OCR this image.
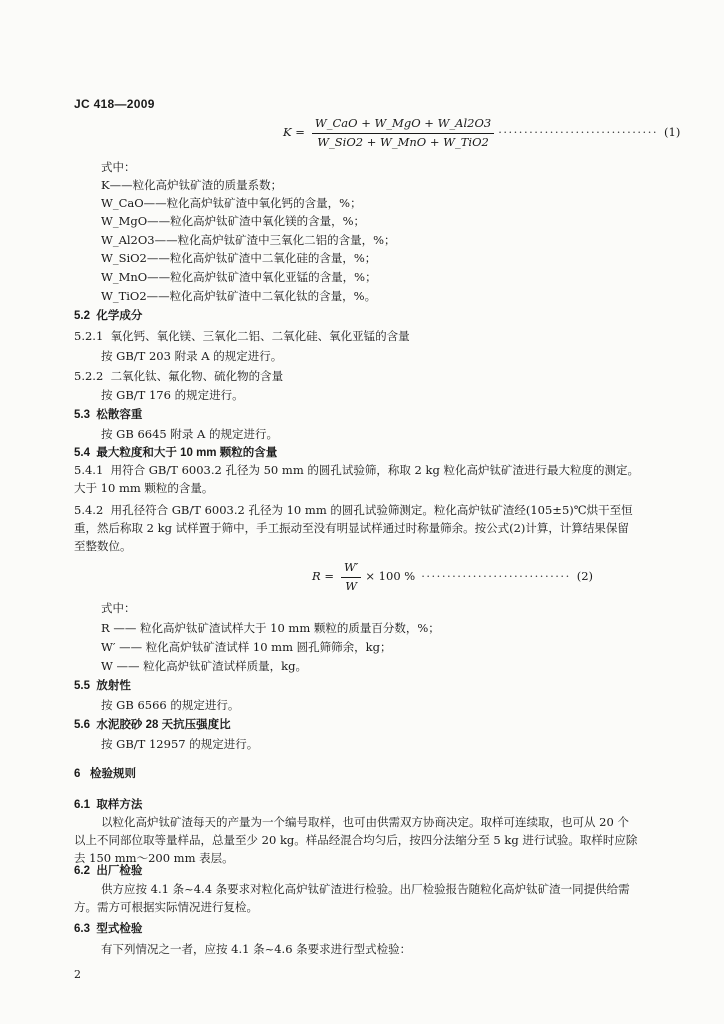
JC 418—2009
$K = \frac{\text{W\_CaO + W\_MgO + W\_Al2O3}}{\text{W\_SiO2 + W\_MnO + W\_TiO2}}$ ······························· (1)
式中：
K——粒化高炉钛矿渣的质量系数；
W_CaO——粒化高炉钛矿渣中氧化钙的含量，%；
W_MgO——粒化高炉钛矿渣中氧化镁的含量，%；
W_Al2O3——粒化高炉钛矿渣中三氧化二铝的含量，%；
W_SiO2——粒化高炉钛矿渣中二氧化硅的含量，%；
W_MnO——粒化高炉钛矿渣中氧化亚锰的含量，%；
W_TiO2——粒化高炉钛矿渣中二氧化钛的含量，%。
5.2 化学成分
5.2.1 氧化钙、氧化镁、三氧化二铝、二氧化硅、氧化亚锰的含量
按 GB/T 203 附录 A 的规定进行。
5.2.2 二氧化钛、氟化物、硫化物的含量
按 GB/T 176 的规定进行。
5.3 松散容重
按 GB 6645 附录 A 的规定进行。
5.4 最大粒度和大于 10 mm 颗粒的含量
5.4.1 用符合 GB/T 6003.2 孔径为 50 mm 的圆孔试验筛，称取 2 kg 粒化高炉钛矿渣进行最大粒度的测定。大于 10 mm 颗粒的含量。
5.4.2 用孔径符合 GB/T 6003.2 孔径为 10 mm 的圆孔试验筛测定。粒化高炉钛矿渣经(105±5)℃烘干至恒重，然后称取 2 kg 试样置于筛中，手工振动至没有明显试样通过时称量筛余。按公式(2)计算，计算结果保留至整数位。
$R = \frac{W'}{W} \times 100$ % ····························· (2)
式中：
R —— 粒化高炉钛矿渣试样大于 10 mm 颗粒的质量百分数，%；
W′ —— 粒化高炉钛矿渣试样 10 mm 圆孔筛筛余，kg；
W —— 粒化高炉钛矿渣试样质量，kg。
5.5 放射性
按 GB 6566 的规定进行。
5.6 水泥胶砂 28 天抗压强度比
按 GB/T 12957 的规定进行。
6 检验规则
6.1 取样方法
以粒化高炉钛矿渣每天的产量为一个编号取样，也可由供需双方协商决定。取样可连续取，也可从 20 个以上不同部位取等量样品，总量至少 20 kg。样品经混合均匀后，按四分法缩分至 5 kg 进行试验。取样时应除去 150 mm～200 mm 表层。
6.2 出厂检验
供方应按 4.1 条~4.4 条要求对粒化高炉钛矿渣进行检验。出厂检验报告随粒化高炉钛矿渣一同提供给需方。需方可根据实际情况进行复检。
6.3 型式检验
有下列情况之一者，应按 4.1 条~4.6 条要求进行型式检验：
2
